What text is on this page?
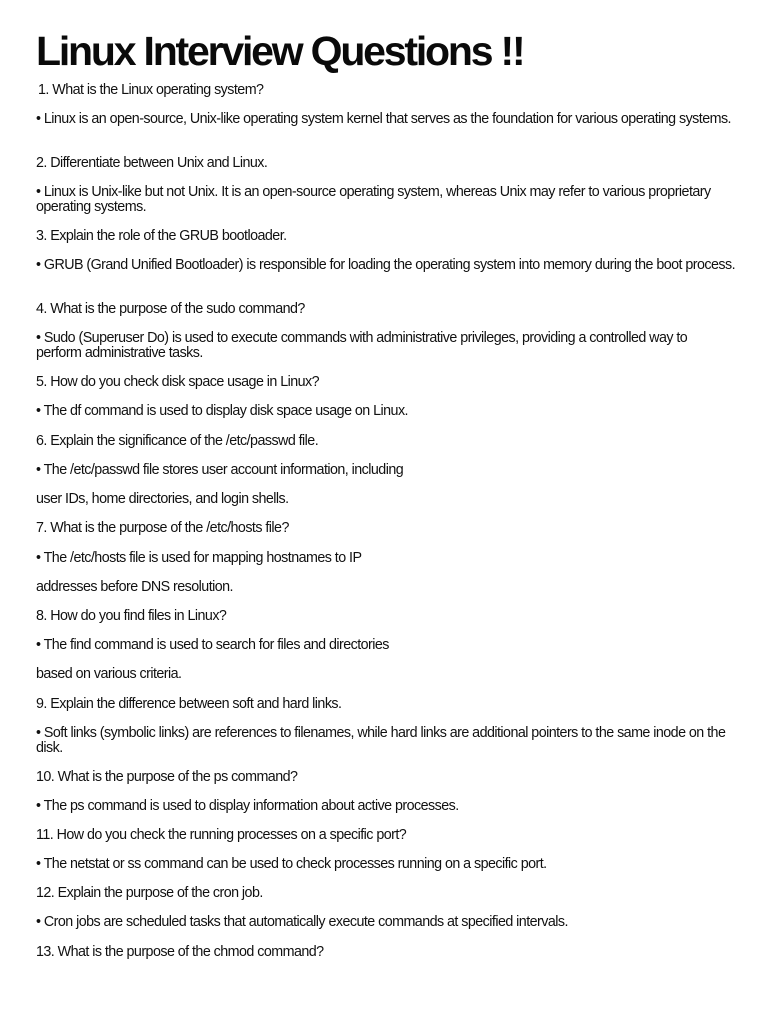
Linux Interview Questions !!

1. What is the Linux operating system?

• Linux is an open-source, Unix-like operating system kernel that serves as the foundation for various operating systems.

2. Differentiate between Unix and Linux.

• Linux is Unix-like but not Unix. It is an open-source operating system, whereas Unix may refer to various proprietary operating systems.

3. Explain the role of the GRUB bootloader.

• GRUB (Grand Unified Bootloader) is responsible for loading the operating system into memory during the boot process.

4. What is the purpose of the sudo command?

• Sudo (Superuser Do) is used to execute commands with administrative privileges, providing a controlled way to perform administrative tasks.

5. How do you check disk space usage in Linux?

• The df command is used to display disk space usage on Linux.

6. Explain the significance of the /etc/passwd file.

• The /etc/passwd file stores user account information, including

user IDs, home directories, and login shells.

7. What is the purpose of the /etc/hosts file?

• The /etc/hosts file is used for mapping hostnames to IP

addresses before DNS resolution.

8. How do you find files in Linux?

• The find command is used to search for files and directories

based on various criteria.

9. Explain the difference between soft and hard links.

• Soft links (symbolic links) are references to filenames, while hard links are additional pointers to the same inode on the disk.

10. What is the purpose of the ps command?

• The ps command is used to display information about active processes.

11. How do you check the running processes on a specific port?

• The netstat or ss command can be used to check processes running on a specific port.

12. Explain the purpose of the cron job.

• Cron jobs are scheduled tasks that automatically execute commands at specified intervals.

13. What is the purpose of the chmod command?
